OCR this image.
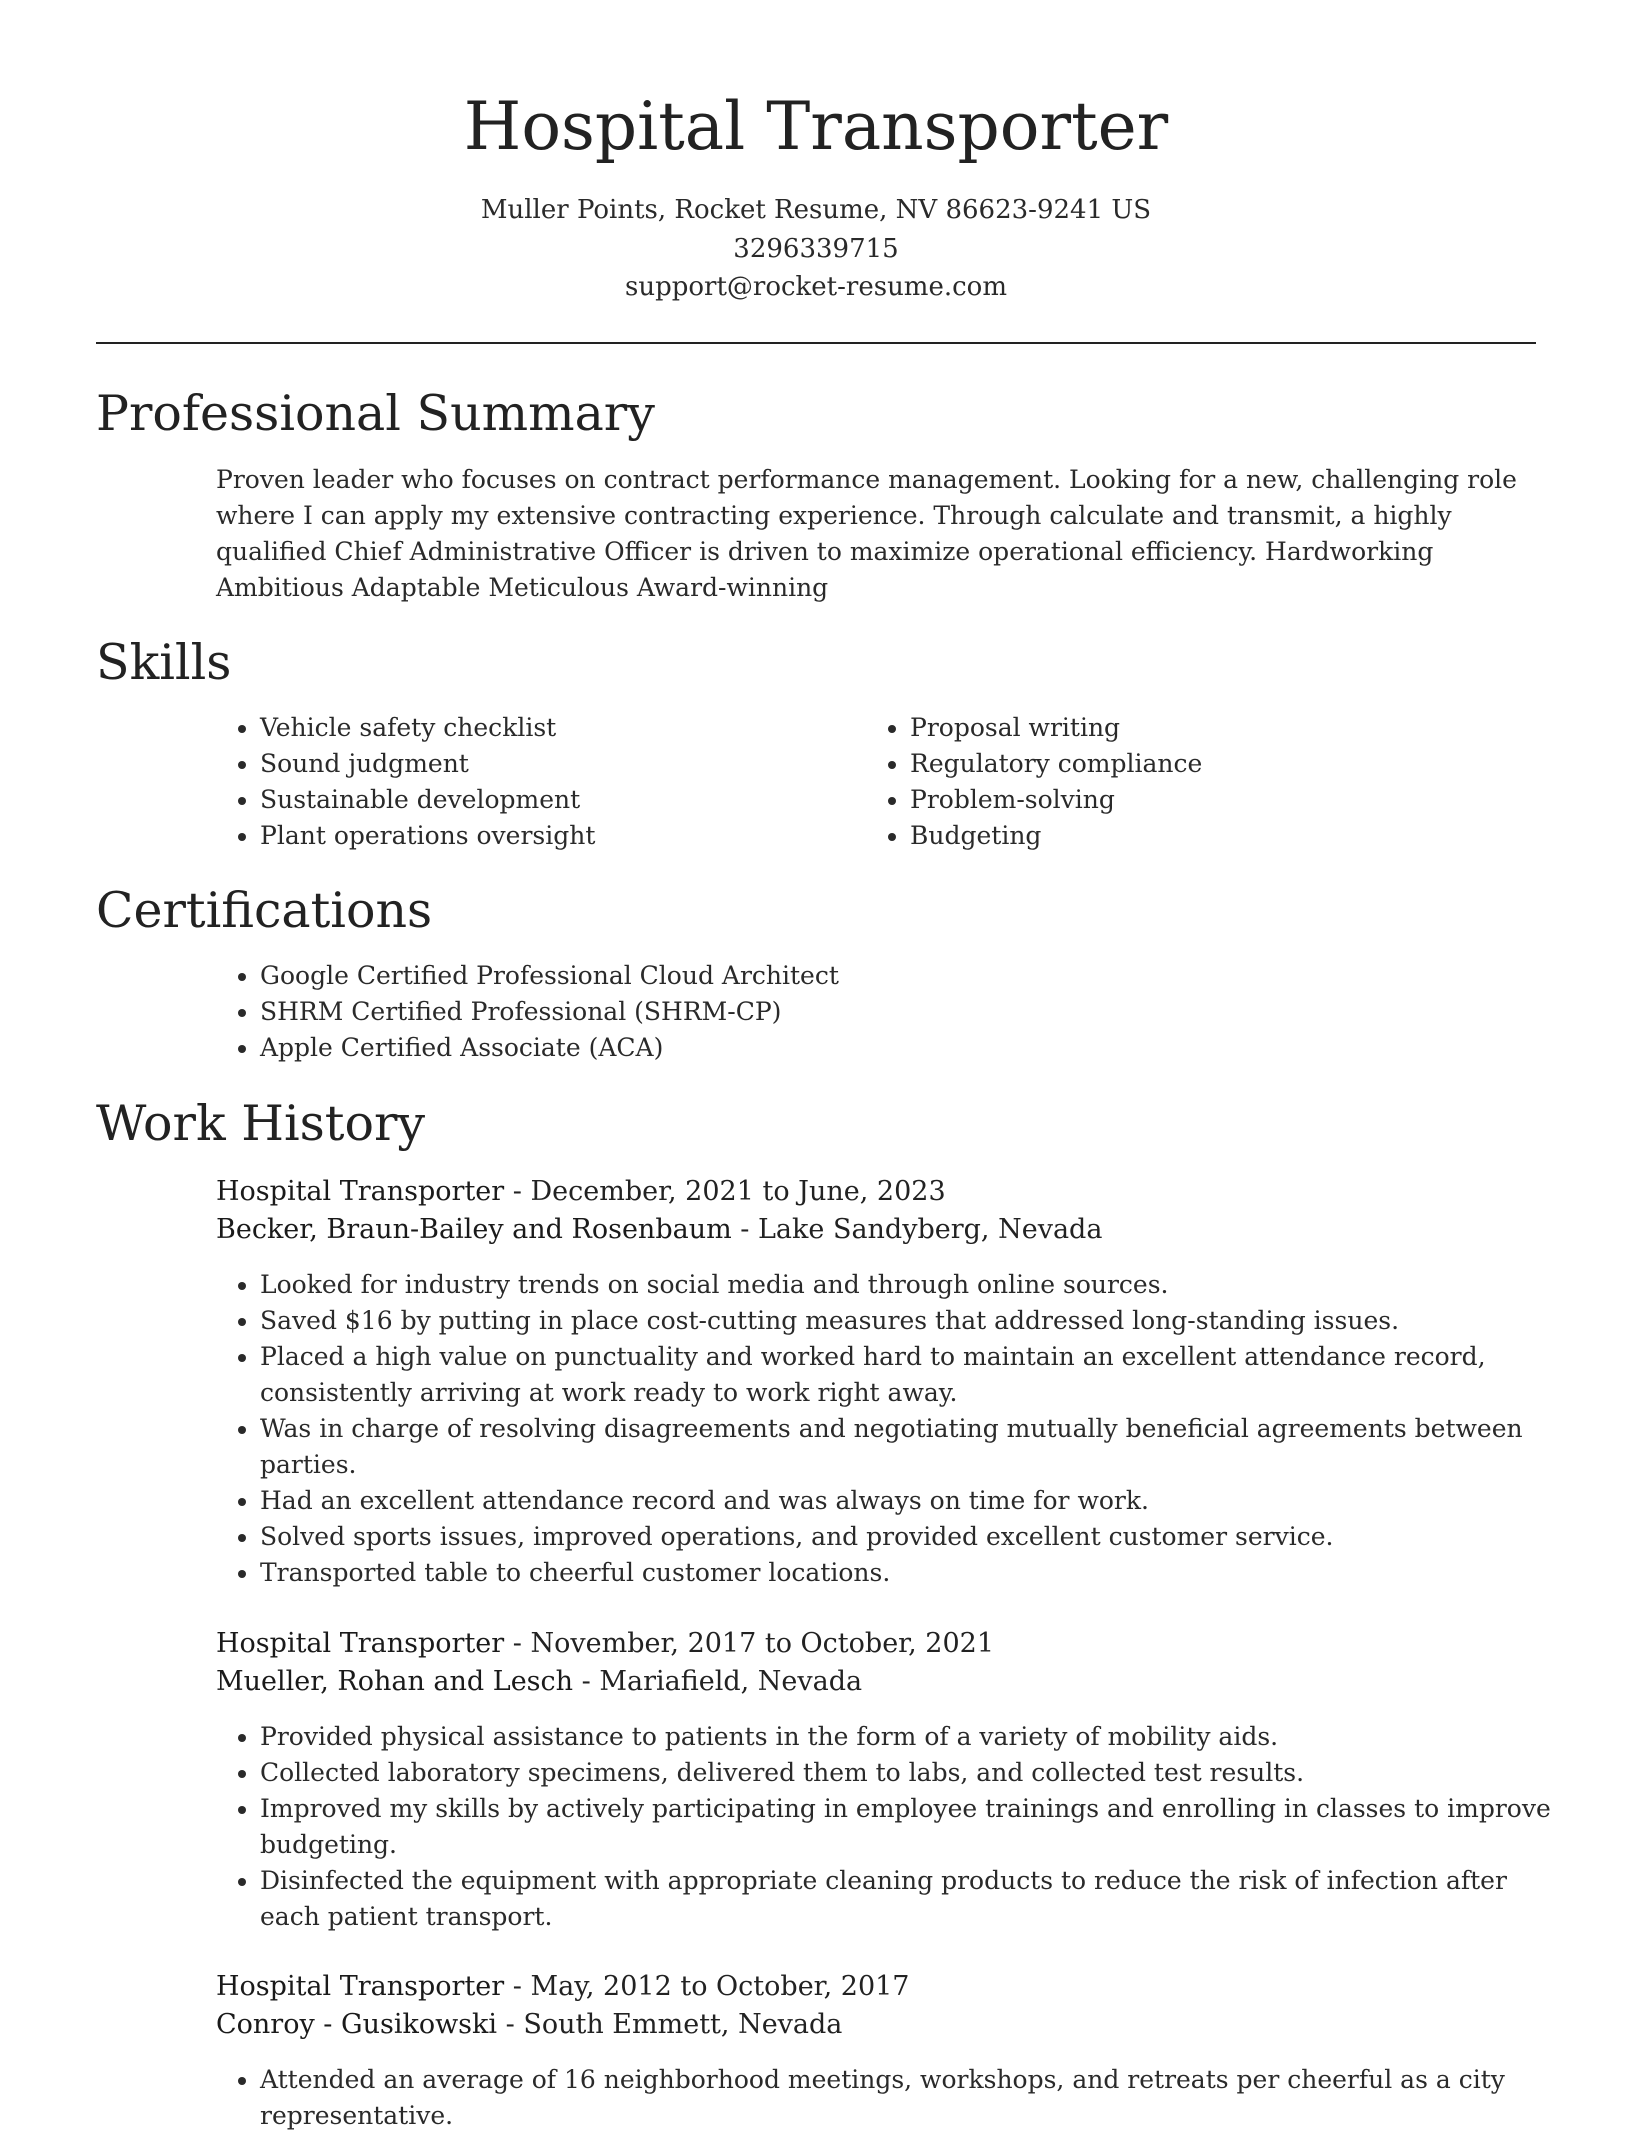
Hospital Transporter
Muller Points, Rocket Resume, NV 86623-9241 US
3296339715
support@rocket-resume.com
Professional Summary
Proven leader who focuses on contract performance management. Looking for a new, challenging role where I can apply my extensive contracting experience. Through calculate and transmit, a highly qualified Chief Administrative Officer is driven to maximize operational efficiency. Hardworking Ambitious Adaptable Meticulous Award-winning
Skills
• Vehicle safety checklist
• Sound judgment
• Sustainable development
• Plant operations oversight
• Proposal writing
• Regulatory compliance
• Problem-solving
• Budgeting
Certifications
• Google Certified Professional Cloud Architect
• SHRM Certified Professional (SHRM-CP)
• Apple Certified Associate (ACA)
Work History
Hospital Transporter - December, 2021 to June, 2023
Becker, Braun-Bailey and Rosenbaum - Lake Sandyberg, Nevada
• Looked for industry trends on social media and through online sources.
• Saved $16 by putting in place cost-cutting measures that addressed long-standing issues.
• Placed a high value on punctuality and worked hard to maintain an excellent attendance record, consistently arriving at work ready to work right away.
• Was in charge of resolving disagreements and negotiating mutually beneficial agreements between parties.
• Had an excellent attendance record and was always on time for work.
• Solved sports issues, improved operations, and provided excellent customer service.
• Transported table to cheerful customer locations.
Hospital Transporter - November, 2017 to October, 2021
Mueller, Rohan and Lesch - Mariafield, Nevada
• Provided physical assistance to patients in the form of a variety of mobility aids.
• Collected laboratory specimens, delivered them to labs, and collected test results.
• Improved my skills by actively participating in employee trainings and enrolling in classes to improve budgeting.
• Disinfected the equipment with appropriate cleaning products to reduce the risk of infection after each patient transport.
Hospital Transporter - May, 2012 to October, 2017
Conroy - Gusikowski - South Emmett, Nevada
• Attended an average of 16 neighborhood meetings, workshops, and retreats per cheerful as a city representative.
